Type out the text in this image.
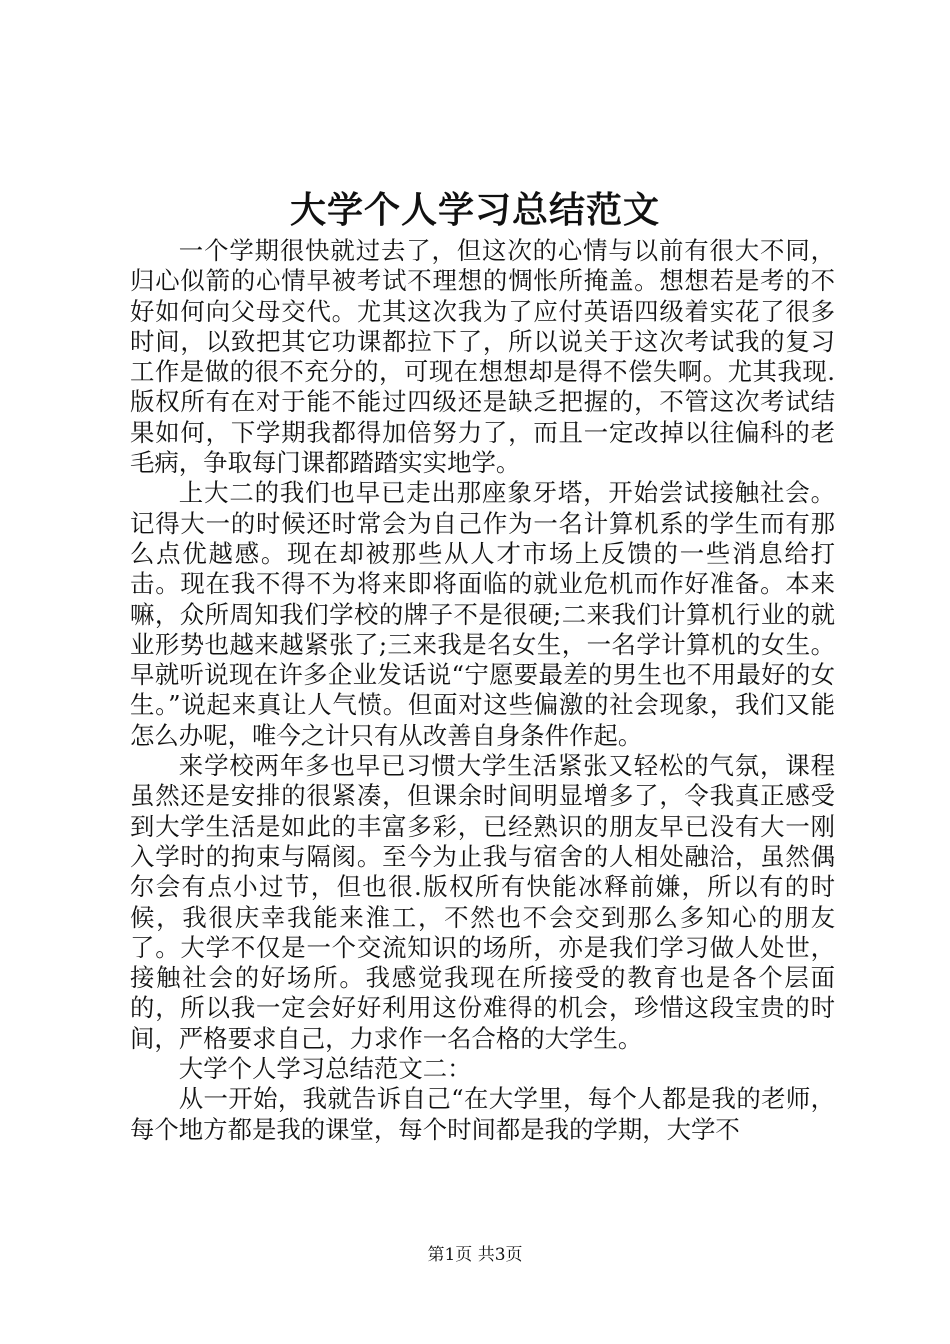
大学个人学习总结范文

一个学期很快就过去了，但这次的心情与以前有很大不同，归心似箭的心情早被考试不理想的惆怅所掩盖。想想若是考的不好如何向父母交代。尤其这次我为了应付英语四级着实花了很多时间，以致把其它功课都拉下了，所以说关于这次考试我的复习工作是做的很不充分的，可现在想想却是得不偿失啊。尤其我现.版权所有在对于能不能过四级还是缺乏把握的，不管这次考试结果如何，下学期我都得加倍努力了，而且一定改掉以往偏科的老毛病，争取每门课都踏踏实实地学。

上大二的我们也早已走出那座象牙塔，开始尝试接触社会。记得大一的时候还时常会为自己作为一名计算机系的学生而有那么点优越感。现在却被那些从人才市场上反馈的一些消息给打击。现在我不得不为将来即将面临的就业危机而作好准备。本来嘛，众所周知我们学校的牌子不是很硬;二来我们计算机行业的就业形势也越来越紧张了;三来我是名女生，一名学计算机的女生。早就听说现在许多企业发话说“宁愿要最差的男生也不用最好的女生。”说起来真让人气愤。但面对这些偏激的社会现象，我们又能怎么办呢，唯今之计只有从改善自身条件作起。

来学校两年多也早已习惯大学生活紧张又轻松的气氛，课程虽然还是安排的很紧凑，但课余时间明显增多了，令我真正感受到大学生活是如此的丰富多彩，已经熟识的朋友早已没有大一刚入学时的拘束与隔阂。至今为止我与宿舍的人相处融洽，虽然偶尔会有点小过节，但也很.版权所有快能冰释前嫌，所以有的时候，我很庆幸我能来淮工，不然也不会交到那么多知心的朋友了。大学不仅是一个交流知识的场所，亦是我们学习做人处世，接触社会的好场所。我感觉我现在所接受的教育也是各个层面的，所以我一定会好好利用这份难得的机会，珍惜这段宝贵的时间，严格要求自己，力求作一名合格的大学生。

大学个人学习总结范文二：

从一开始，我就告诉自己“在大学里，每个人都是我的老师，每个地方都是我的课堂，每个时间都是我的学期，大学不

第1页 共3页
